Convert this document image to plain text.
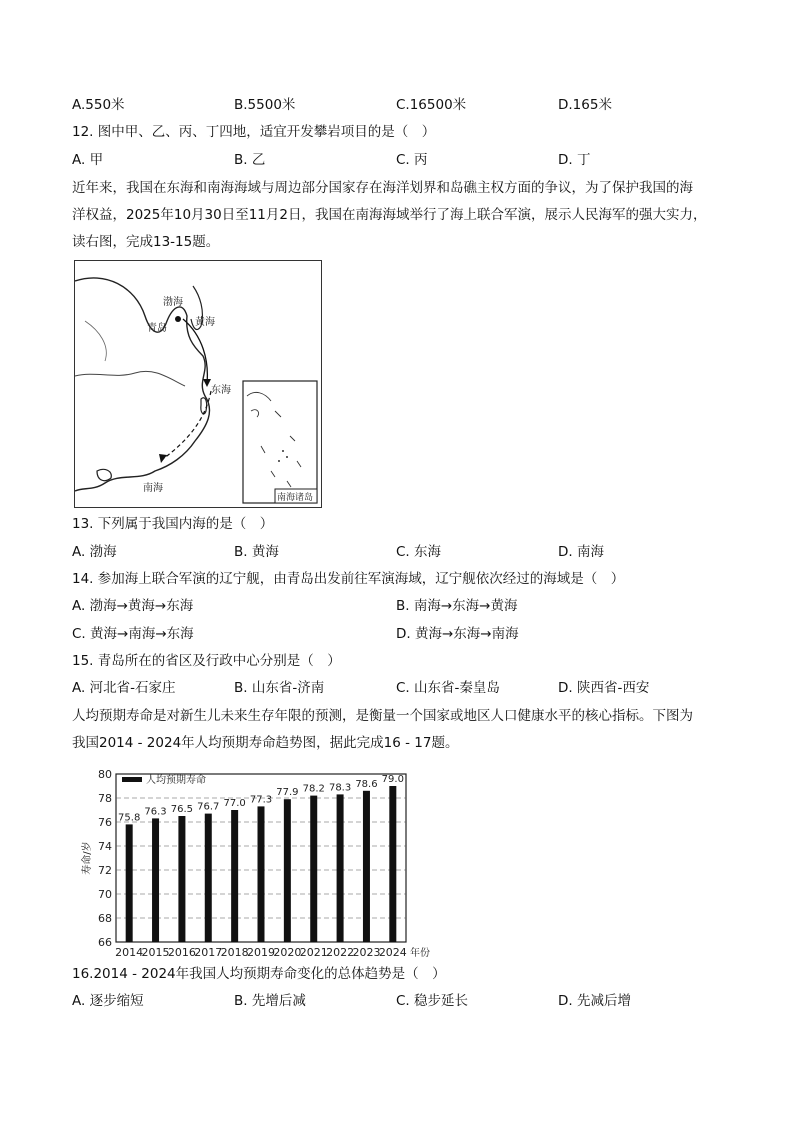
A.550米	B.5500米	C.16500米	D.165米
12. 图中甲、乙、丙、丁四地，适宜开发攀岩项目的是（　）
A. 甲	B. 乙	C. 丙	D. 丁
近年来，我国在东海和南海海域与周边部分国家存在海洋划界和岛礁主权方面的争议，为了保护我国的海
洋权益，2025年10月30日至11月2日，我国在南海海域举行了海上联合军演，展示人民海军的强大实力，
读右图，完成13-15题。
渤海
青岛
黄海
东海
南海
南海诸岛
13. 下列属于我国内海的是（　）
A. 渤海	B. 黄海	C. 东海	D. 南海
14. 参加海上联合军演的辽宁舰，由青岛出发前往军演海域，辽宁舰依次经过的海域是（　）
A. 渤海→黄海→东海	B. 南海→东海→黄海
C. 黄海→南海→东海	D. 黄海→东海→南海
15. 青岛所在的省区及行政中心分别是（　）
A. 河北省-石家庄	B. 山东省-济南	C. 山东省-秦皇岛	D. 陕西省-西安
人均预期寿命是对新生儿未来生存年限的预测，是衡量一个国家或地区人口健康水平的核心指标。下图为
我国2014 - 2024年人均预期寿命趋势图，据此完成16 - 17题。
66
68
70
72
74
76
78
80
寿命/岁
75.8
2014
76.3
2015
76.5
2016
76.7
2017
77.0
2018
77.3
2019
77.9
2020
78.2
2021
78.3
2022
78.6
2023
79.0
2024 年份
人均预期寿命
16.2014 - 2024年我国人均预期寿命变化的总体趋势是（　）
A. 逐步缩短	B. 先增后减	C. 稳步延长	D. 先减后增
